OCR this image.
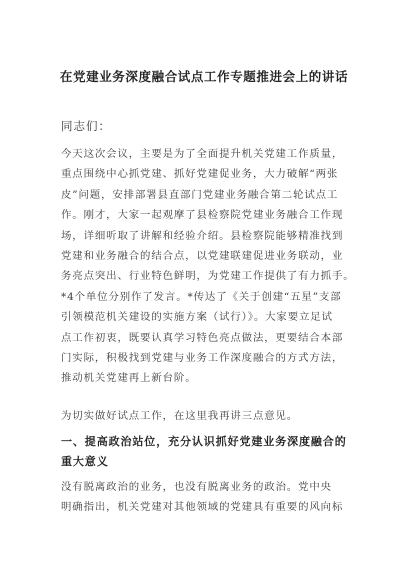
在党建业务深度融合试点工作专题推进会上的讲话
同志们：
今天这次会议，主要是为了全面提升机关党建工作质量，
重点围绕中心抓党建、抓好党建促业务，大力破解“两张
皮”问题，安排部署县直部门党建业务融合第二轮试点工
作。刚才，大家一起观摩了县检察院党建业务融合工作现
场，详细听取了讲解和经验介绍。县检察院能够精准找到
党建和业务融合的结合点，以党建联建促进业务联动，业
务亮点突出、行业特色鲜明，为党建工作提供了有力抓手。
*4个单位分别作了发言。*传达了《关于创建“五星”支部
引领模范机关建设的实施方案（试行）》。大家要立足试
点工作初衷，既要认真学习特色亮点做法，更要结合本部
门实际，积极找到党建与业务工作深度融合的方式方法，
推动机关党建再上新台阶。
为切实做好试点工作，在这里我再讲三点意见。
一、提高政治站位，充分认识抓好党建业务深度融合的
重大意义
没有脱离政治的业务，也没有脱离业务的政治。党中央
明确指出，机关党建对其他领域的党建具有重要的风向标
